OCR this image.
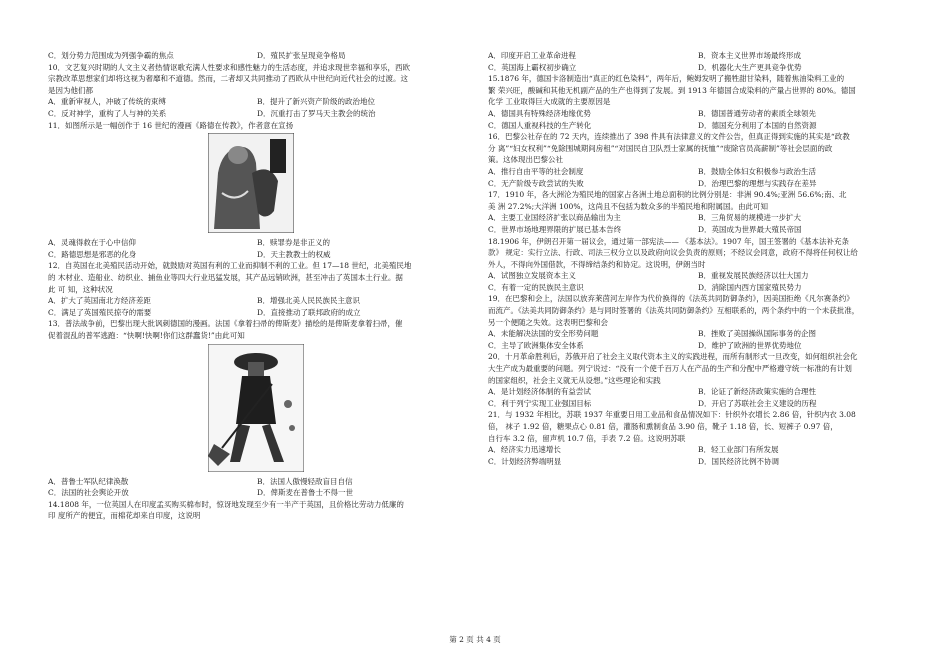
C．划分势力范围成为列强争霸的焦点	D．殖民扩张呈现竞争格局
10．文艺复兴时期的人文主义者热情讴歌充满人性要求和感性魅力的生活态度，并追求现世幸福和享乐，西欧
宗教改革思想家们却将这视为奢靡和不道德。然而，二者却又共同推动了西欧从中世纪向近代社会的过渡。这
是因为他们都
A．重新审视人，冲破了传统的束缚	B．提升了新兴资产阶级的政治地位
C．反对神学，重构了人与神的关系	D．沉重打击了罗马天主教会的统治
11．如图所示是一幅创作于 16 世纪的漫画《路德在传教》，作者意在宣扬
A．灵魂得救在于心中信仰	B．赎罪券是非正义的
C．路德思想是邪恶的化身	D．天主教教士的权威
12．自英国在北美殖民活动开始，就鼓励对英国有利的工业而抑制不利的工业。但 17—18 世纪，北美殖民地
的 木材业、造船业、纺织业、捕鱼业等四大行业迅猛发展，其产品远销欧洲，甚至冲击了英国本土行业。据
此 可 知，这种状况
A．扩大了英国南北方经济差距	B．增强北美人民民族民主意识
C．满足了英国殖民掠夺的需要	D．直接推动了联邦政府的成立
13．普法战争前，巴黎出现大批讽刺德国的漫画。法国《拿着扫帚的俾斯麦》描绘的是俾斯麦拿着扫帚，催
促着混乱的普军逃跑：“快啊!快啊!你们这群蠢货!”由此可知
A．普鲁士军队纪律涣散	B．法国人傲慢轻敌盲目自信
C．法国的社会舆论开放	D．俾斯麦在普鲁士不得一世
14.1808 年，一位英国人在印度孟买购买棉布时，惊讶地发现至少有一半产于英国，且价格比劳动力低廉的
印 度所产的便宜，而棉花却来自印度，这说明
A．印度开启工业革命进程	B．资本主义世界市场最终形成
C．英国海上霸权初步确立	D．机器化大生产更具竞争优势
15.1876 年，德国卡洛制造出“真正的红色染料”，两年后，鲍姆发明了搬牲甜甘染料，随着焦油染料工业的
繁 荣兴旺，酸碱和其他无机副产品的生产也得到了发展。到 1913 年德国合成染料的产量占世界的 80%。德国
化学 工业取得巨大成就的主要原因是
A．德国具有特殊经济地缘优势	B．德国普通劳动者的素质全球领先
C．德国人重视科技的生产转化	D．德国充分利用了本国的自然资源
16．巴黎公社存在的 72 天内，连续推出了 398 件具有法律意义的文件公告，但真正得到实施的其实是“政教
分 离”“妇女权利”“免除围城期间房租”“对国民自卫队烈士家属的抚恤”“废除官员高薪制”等社会层面的政
策。这体现出巴黎公社
A．推行自由平等的社会制度	B．鼓励全体妇女积极参与政治生活
C．无产阶级专政尝试的失败	D．治理巴黎的理想与实践存在差异
17．1910 年，各大洲沦为殖民地的国家占各洲土地总面积的比例分别是：非洲 90.4%;亚洲 56.6%;南、北
美 洲 27.2%;大洋洲 100%，这尚且不包括为数众多的半殖民地和附属国。由此可知
A．主要工业国经济扩张以商品输出为主	B．三角贸易的规模进一步扩大
C．世界市场地理界限的扩展已基本告终	D．英国成为世界最大殖民帝国
18.1906 年，伊朗召开第一届议会，通过第一部宪法—— 《基本法》。1907 年，国王签署的《基本法补充条
款》 规定：实行立法、行政、司法三权分立以及政府向议会负责的原则；不经议会同意，政府不得将任何权让给
外人，不得向外国借款，不得缔结条约和协定。这说明，伊朗当时
A．试图独立发展资本主义	B．重视发展民族经济以壮大国力
C．有着一定的民族民主意识	D．消除国内西方国家殖民势力
19．在巴黎和会上，法国以放弃莱茵河左岸作为代价换得的《法英共同防御条约》，因美国拒绝《凡尔赛条约》
而流产。《法美共同防御条约》是与同时签署的《法英共同防御条约》互相联系的，两个条约中的一个未获批准，
另一个便随之失效。这表明巴黎和会
A．未能解决法国的安全形势问题	B．挫败了美国操纵国际事务的企图
C．主导了欧洲集体安全体系	D．维护了欧洲的世界优势地位
20．十月革命胜利后，苏俄开启了社会主义取代资本主义的实践进程，而所有制形式一旦改变，如何组织社会化
大生产成为最重要的问题。列宁说过：“没有一个使千百万人在产品的生产和分配中严格遵守统一标准的有计划
的国家组织，社会主义就无从设想。”这些理论和实践
A．是计划经济体制的有益尝试	B．论证了新经济政策实施的合理性
C．利于列宁实现工业强国目标	D．开启了苏联社会主义建设的历程
21．与 1932 年相比，苏联 1937 年重要日用工业品和食品情况如下：针织外衣增长 2.86 倍，针织内衣 3.08
倍， 袜子 1.92 倍，糖果点心 0.81 倍，灌肠和熏制食品 3.90 倍，靴子 1.18 倍，长、短裤子 0.97 倍，
自行车 3.2 倍，留声机 10.7 倍，手表 7.2 倍。这说明苏联
A．经济实力迅速增长	B．轻工业部门有所发展
C．计划经济弊端明显	D．国民经济比例不协调
第 2 页 共 4 页
